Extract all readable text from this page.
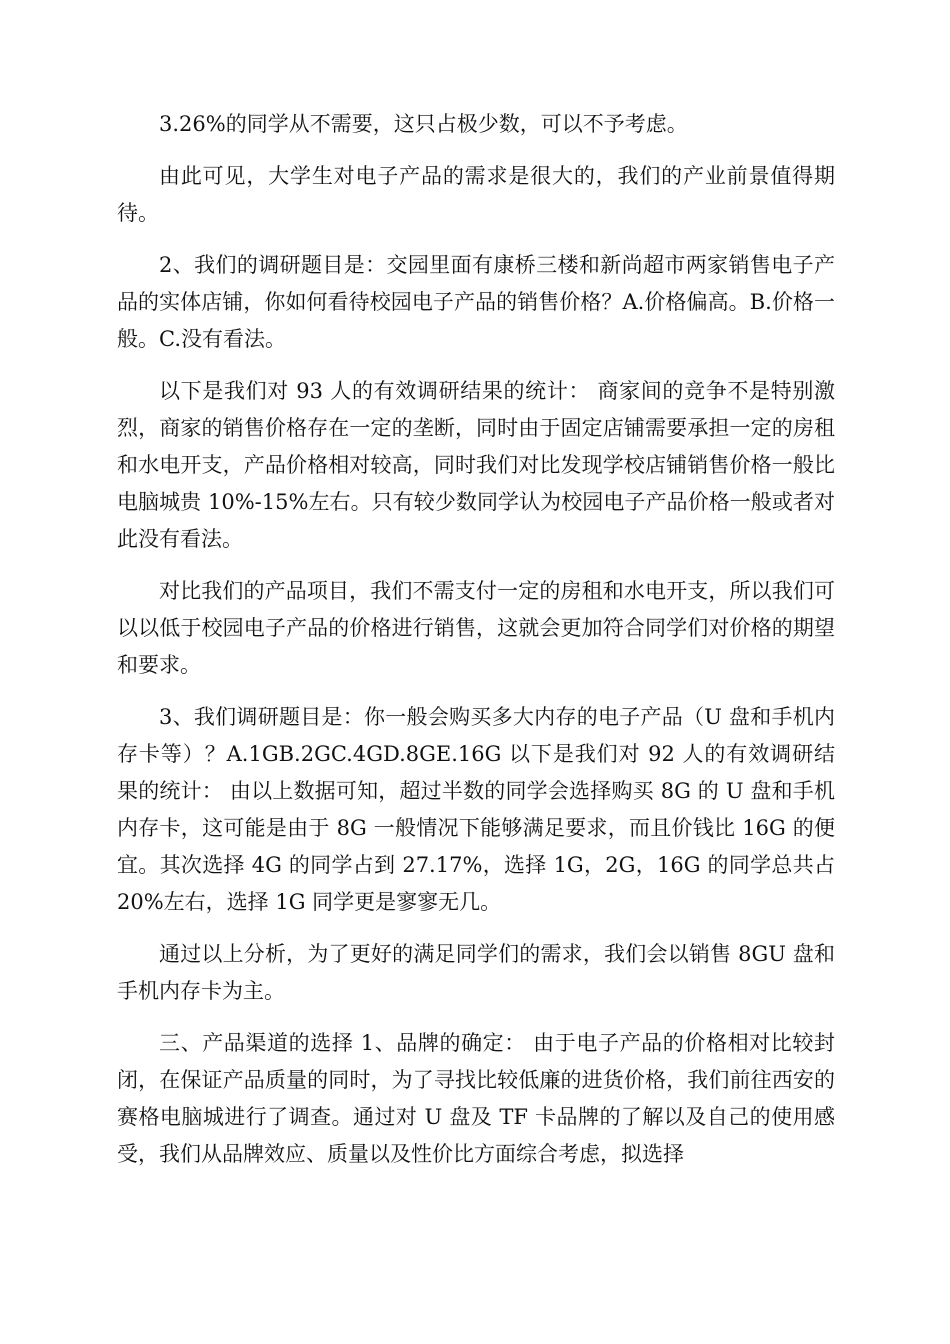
3.26%的同学从不需要，这只占极少数，可以不予考虑。

由此可见，大学生对电子产品的需求是很大的，我们的产业前景值得期待。

2、我们的调研题目是：交园里面有康桥三楼和新尚超市两家销售电子产品的实体店铺，你如何看待校园电子产品的销售价格？A.价格偏高。B.价格一般。C.没有看法。

以下是我们对 93 人的有效调研结果的统计： 商家间的竞争不是特别激烈，商家的销售价格存在一定的垄断，同时由于固定店铺需要承担一定的房租和水电开支，产品价格相对较高，同时我们对比发现学校店铺销售价格一般比电脑城贵 10%-15%左右。只有较少数同学认为校园电子产品价格一般或者对此没有看法。

对比我们的产品项目，我们不需支付一定的房租和水电开支，所以我们可以以低于校园电子产品的价格进行销售，这就会更加符合同学们对价格的期望和要求。

3、我们调研题目是：你一般会购买多大内存的电子产品（U 盘和手机内存卡等）？A.1GB.2GC.4GD.8GE.16G 以下是我们对 92 人的有效调研结果的统计： 由以上数据可知，超过半数的同学会选择购买 8G 的 U 盘和手机内存卡，这可能是由于 8G 一般情况下能够满足要求，而且价钱比 16G 的便宜。其次选择 4G 的同学占到 27.17%，选择 1G，2G，16G 的同学总共占 20%左右，选择 1G 同学更是寥寥无几。

通过以上分析，为了更好的满足同学们的需求，我们会以销售 8GU 盘和手机内存卡为主。

三、产品渠道的选择 1、品牌的确定： 由于电子产品的价格相对比较封闭，在保证产品质量的同时，为了寻找比较低廉的进货价格，我们前往西安的赛格电脑城进行了调查。通过对 U 盘及 TF 卡品牌的了解以及自己的使用感受，我们从品牌效应、质量以及性价比方面综合考虑，拟选择
